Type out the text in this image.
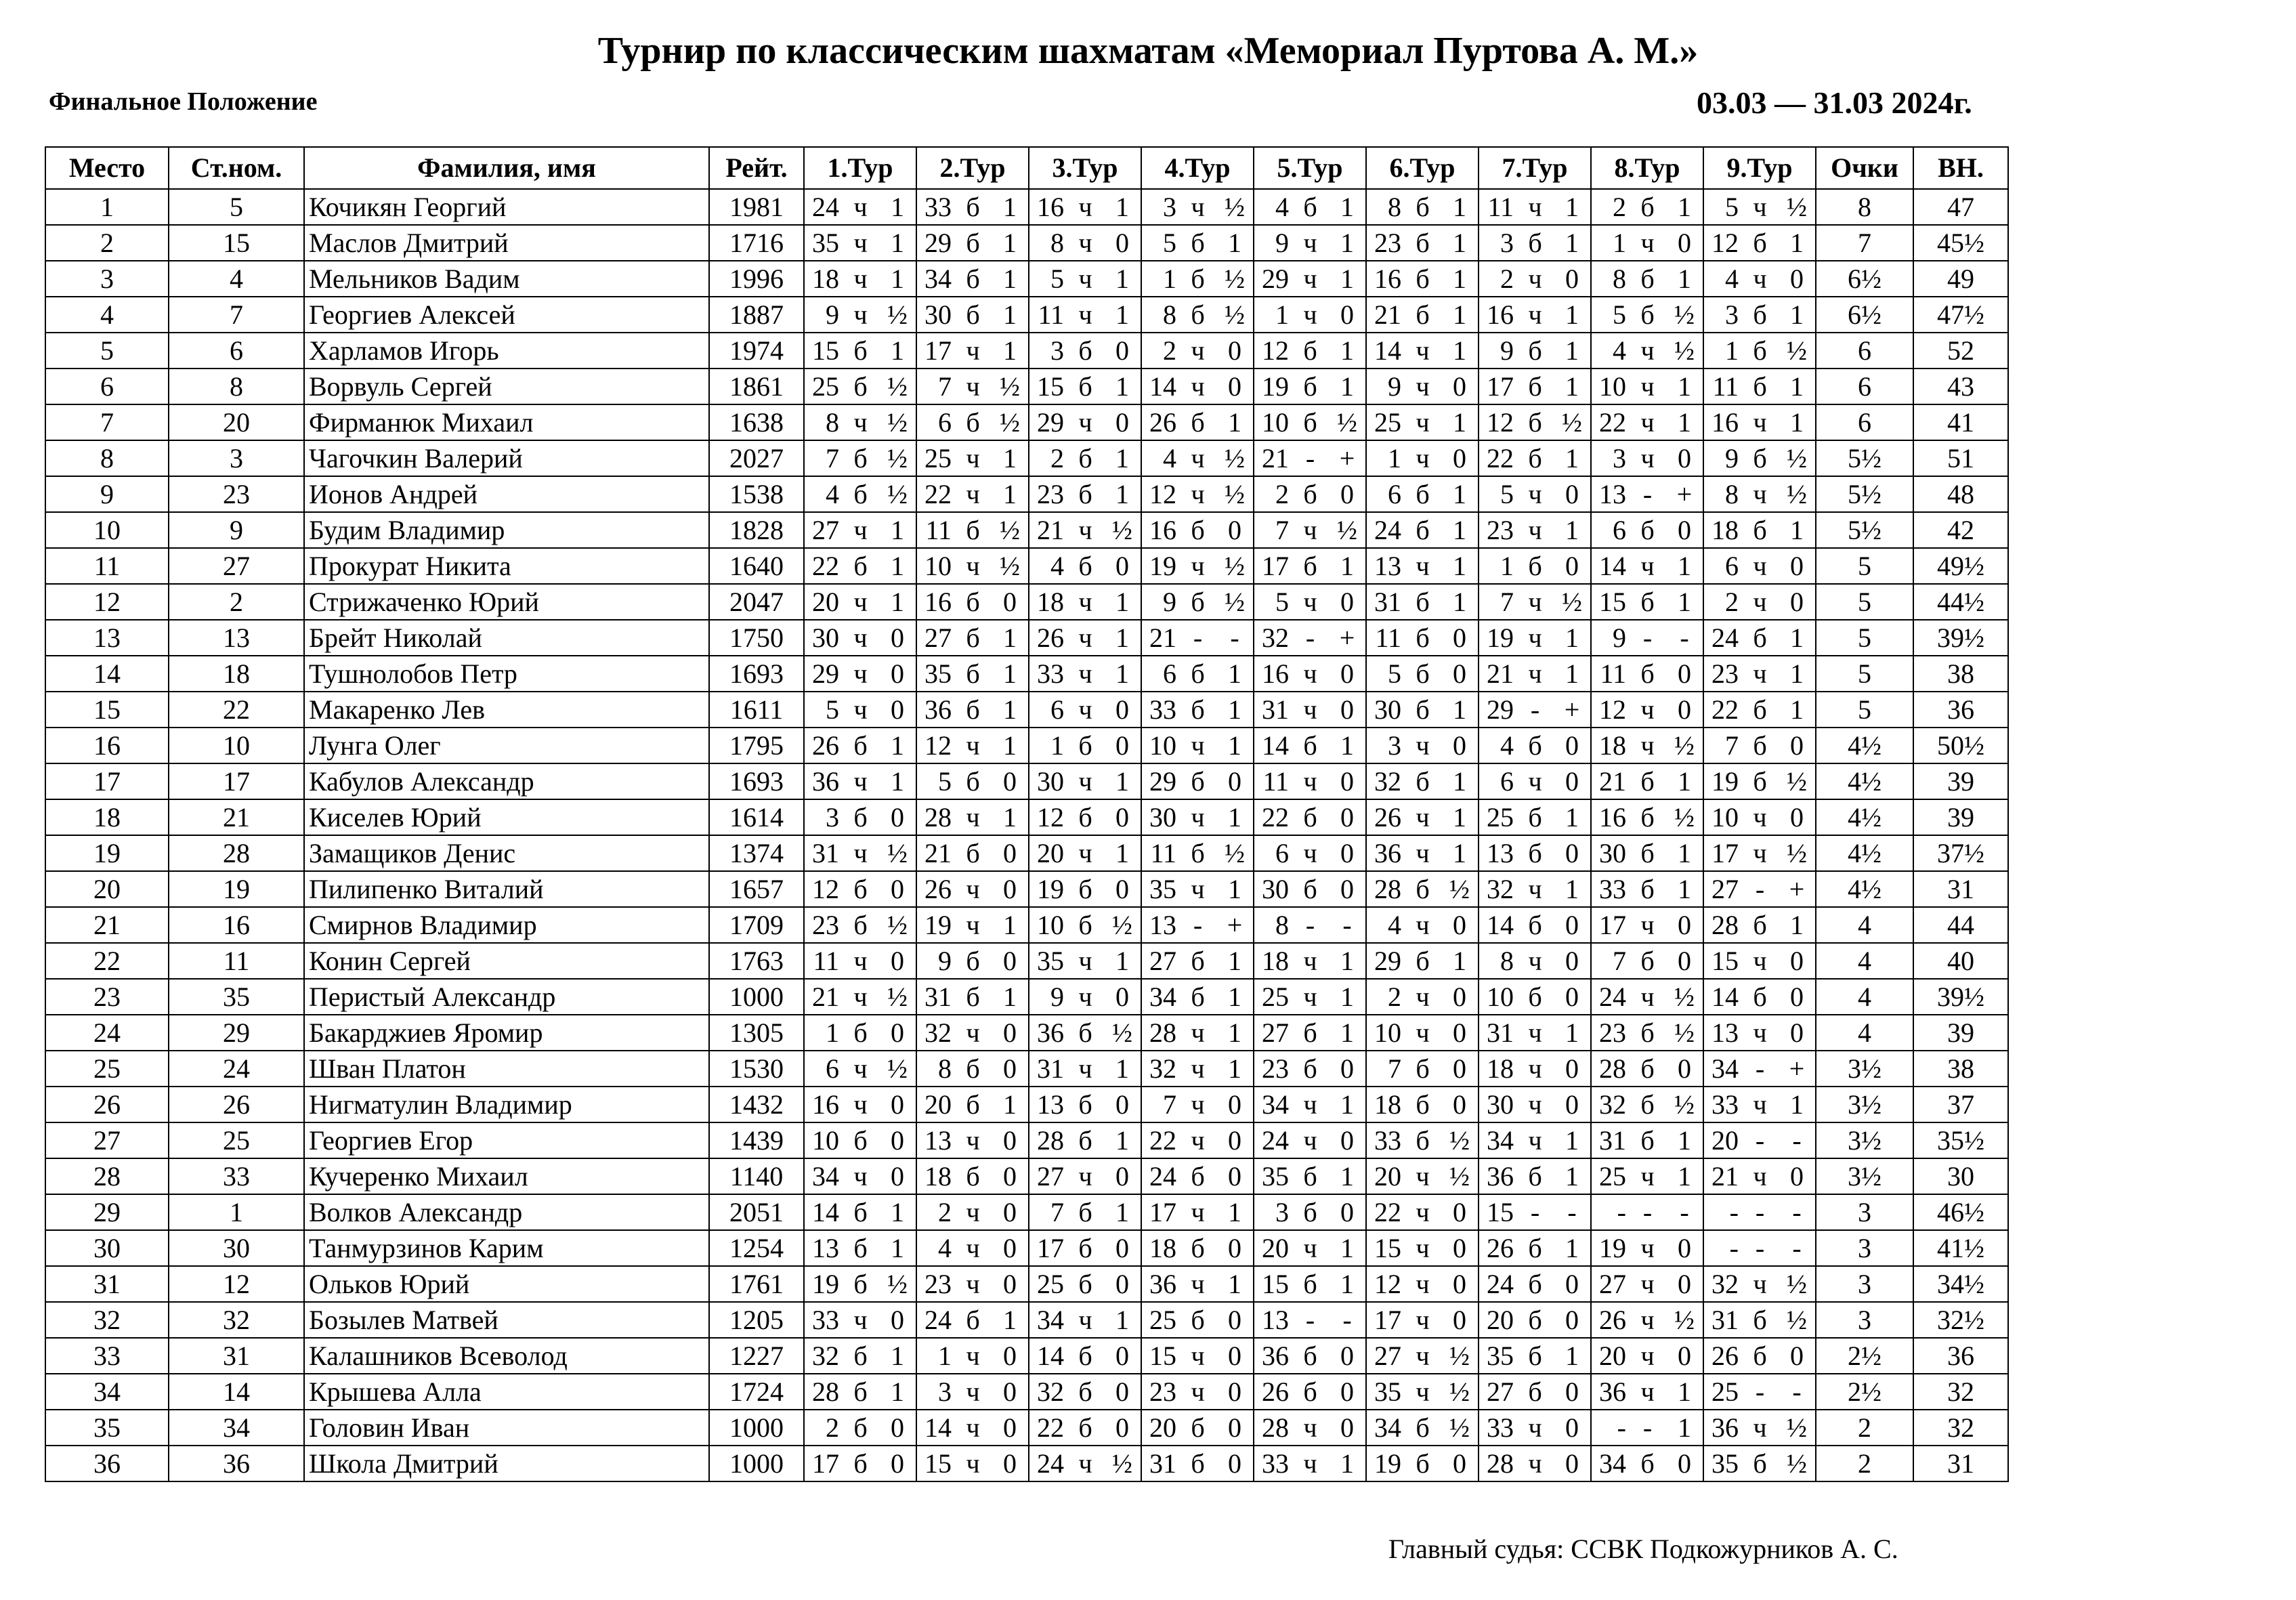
Турнир по классическим шахматам «Мемориал Пуртова А. М.»
Финальное Положение	03.03 — 31.03 2024г.
Место	Ст.ном.	Фамилия, имя	Рейт.	1.Тур			2.Тур			3.Тур			4.Тур			5.Тур			6.Тур			7.Тур			8.Тур			9.Тур			Очки	ВН.
1	5	Кочикян Георгий	1981	24	ч	1	33	б	1	16	ч	1	3	ч	½	4	б	1	8	б	1	11	ч	1	2	б	1	5	ч	½	8	47
2	15	Маслов Дмитрий	1716	35	ч	1	29	б	1	8	ч	0	5	б	1	9	ч	1	23	б	1	3	б	1	1	ч	0	12	б	1	7	45½
3	4	Мельников Вадим	1996	18	ч	1	34	б	1	5	ч	1	1	б	½	29	ч	1	16	б	1	2	ч	0	8	б	1	4	ч	0	6½	49
4	7	Георгиев Алексей	1887	9	ч	½	30	б	1	11	ч	1	8	б	½	1	ч	0	21	б	1	16	ч	1	5	б	½	3	б	1	6½	47½
5	6	Харламов Игорь	1974	15	б	1	17	ч	1	3	б	0	2	ч	0	12	б	1	14	ч	1	9	б	1	4	ч	½	1	б	½	6	52
6	8	Ворвуль Сергей	1861	25	б	½	7	ч	½	15	б	1	14	ч	0	19	б	1	9	ч	0	17	б	1	10	ч	1	11	б	1	6	43
7	20	Фирманюк Михаил	1638	8	ч	½	6	б	½	29	ч	0	26	б	1	10	б	½	25	ч	1	12	б	½	22	ч	1	16	ч	1	6	41
8	3	Чагочкин Валерий	2027	7	б	½	25	ч	1	2	б	1	4	ч	½	21	-	+	1	ч	0	22	б	1	3	ч	0	9	б	½	5½	51
9	23	Ионов Андрей	1538	4	б	½	22	ч	1	23	б	1	12	ч	½	2	б	0	6	б	1	5	ч	0	13	-	+	8	ч	½	5½	48
10	9	Будим Владимир	1828	27	ч	1	11	б	½	21	ч	½	16	б	0	7	ч	½	24	б	1	23	ч	1	6	б	0	18	б	1	5½	42
11	27	Прокурат Никита	1640	22	б	1	10	ч	½	4	б	0	19	ч	½	17	б	1	13	ч	1	1	б	0	14	ч	1	6	ч	0	5	49½
12	2	Стрижаченко Юрий	2047	20	ч	1	16	б	0	18	ч	1	9	б	½	5	ч	0	31	б	1	7	ч	½	15	б	1	2	ч	0	5	44½
13	13	Брейт Николай	1750	30	ч	0	27	б	1	26	ч	1	21	-	-	32	-	+	11	б	0	19	ч	1	9	-	-	24	б	1	5	39½
14	18	Тушнолобов Петр	1693	29	ч	0	35	б	1	33	ч	1	6	б	1	16	ч	0	5	б	0	21	ч	1	11	б	0	23	ч	1	5	38
15	22	Макаренко Лев	1611	5	ч	0	36	б	1	6	ч	0	33	б	1	31	ч	0	30	б	1	29	-	+	12	ч	0	22	б	1	5	36
16	10	Лунга Олег	1795	26	б	1	12	ч	1	1	б	0	10	ч	1	14	б	1	3	ч	0	4	б	0	18	ч	½	7	б	0	4½	50½
17	17	Кабулов Александр	1693	36	ч	1	5	б	0	30	ч	1	29	б	0	11	ч	0	32	б	1	6	ч	0	21	б	1	19	б	½	4½	39
18	21	Киселев Юрий	1614	3	б	0	28	ч	1	12	б	0	30	ч	1	22	б	0	26	ч	1	25	б	1	16	б	½	10	ч	0	4½	39
19	28	Замащиков Денис	1374	31	ч	½	21	б	0	20	ч	1	11	б	½	6	ч	0	36	ч	1	13	б	0	30	б	1	17	ч	½	4½	37½
20	19	Пилипенко Виталий	1657	12	б	0	26	ч	0	19	б	0	35	ч	1	30	б	0	28	б	½	32	ч	1	33	б	1	27	-	+	4½	31
21	16	Смирнов Владимир	1709	23	б	½	19	ч	1	10	б	½	13	-	+	8	-	-	4	ч	0	14	б	0	17	ч	0	28	б	1	4	44
22	11	Конин Сергей	1763	11	ч	0	9	б	0	35	ч	1	27	б	1	18	ч	1	29	б	1	8	ч	0	7	б	0	15	ч	0	4	40
23	35	Перистый Александр	1000	21	ч	½	31	б	1	9	ч	0	34	б	1	25	ч	1	2	ч	0	10	б	0	24	ч	½	14	б	0	4	39½
24	29	Бакарджиев Яромир	1305	1	б	0	32	ч	0	36	б	½	28	ч	1	27	б	1	10	ч	0	31	ч	1	23	б	½	13	ч	0	4	39
25	24	Шван Платон	1530	6	ч	½	8	б	0	31	ч	1	32	ч	1	23	б	0	7	б	0	18	ч	0	28	б	0	34	-	+	3½	38
26	26	Нигматулин Владимир	1432	16	ч	0	20	б	1	13	б	0	7	ч	0	34	ч	1	18	б	0	30	ч	0	32	б	½	33	ч	1	3½	37
27	25	Георгиев Егор	1439	10	б	0	13	ч	0	28	б	1	22	ч	0	24	ч	0	33	б	½	34	ч	1	31	б	1	20	-	-	3½	35½
28	33	Кучеренко Михаил	1140	34	ч	0	18	б	0	27	ч	0	24	б	0	35	б	1	20	ч	½	36	б	1	25	ч	1	21	ч	0	3½	30
29	1	Волков Александр	2051	14	б	1	2	ч	0	7	б	1	17	ч	1	3	б	0	22	ч	0	15	-	-	-	-	-	-	-	-	3	46½
30	30	Танмурзинов Карим	1254	13	б	1	4	ч	0	17	б	0	18	б	0	20	ч	1	15	ч	0	26	б	1	19	ч	0	-	-	-	3	41½
31	12	Ольков Юрий	1761	19	б	½	23	ч	0	25	б	0	36	ч	1	15	б	1	12	ч	0	24	б	0	27	ч	0	32	ч	½	3	34½
32	32	Бозылев Матвей	1205	33	ч	0	24	б	1	34	ч	1	25	б	0	13	-	-	17	ч	0	20	б	0	26	ч	½	31	б	½	3	32½
33	31	Калашников Всеволод	1227	32	б	1	1	ч	0	14	б	0	15	ч	0	36	б	0	27	ч	½	35	б	1	20	ч	0	26	б	0	2½	36
34	14	Крышева Алла	1724	28	б	1	3	ч	0	32	б	0	23	ч	0	26	б	0	35	ч	½	27	б	0	36	ч	1	25	-	-	2½	32
35	34	Головин Иван	1000	2	б	0	14	ч	0	22	б	0	20	б	0	28	ч	0	34	б	½	33	ч	0	-	-	1	36	ч	½	2	32
36	36	Школа Дмитрий	1000	17	б	0	15	ч	0	24	ч	½	31	б	0	33	ч	1	19	б	0	28	ч	0	34	б	0	35	б	½	2	31
Главный судья: ССВК Подкожурников А. С.
